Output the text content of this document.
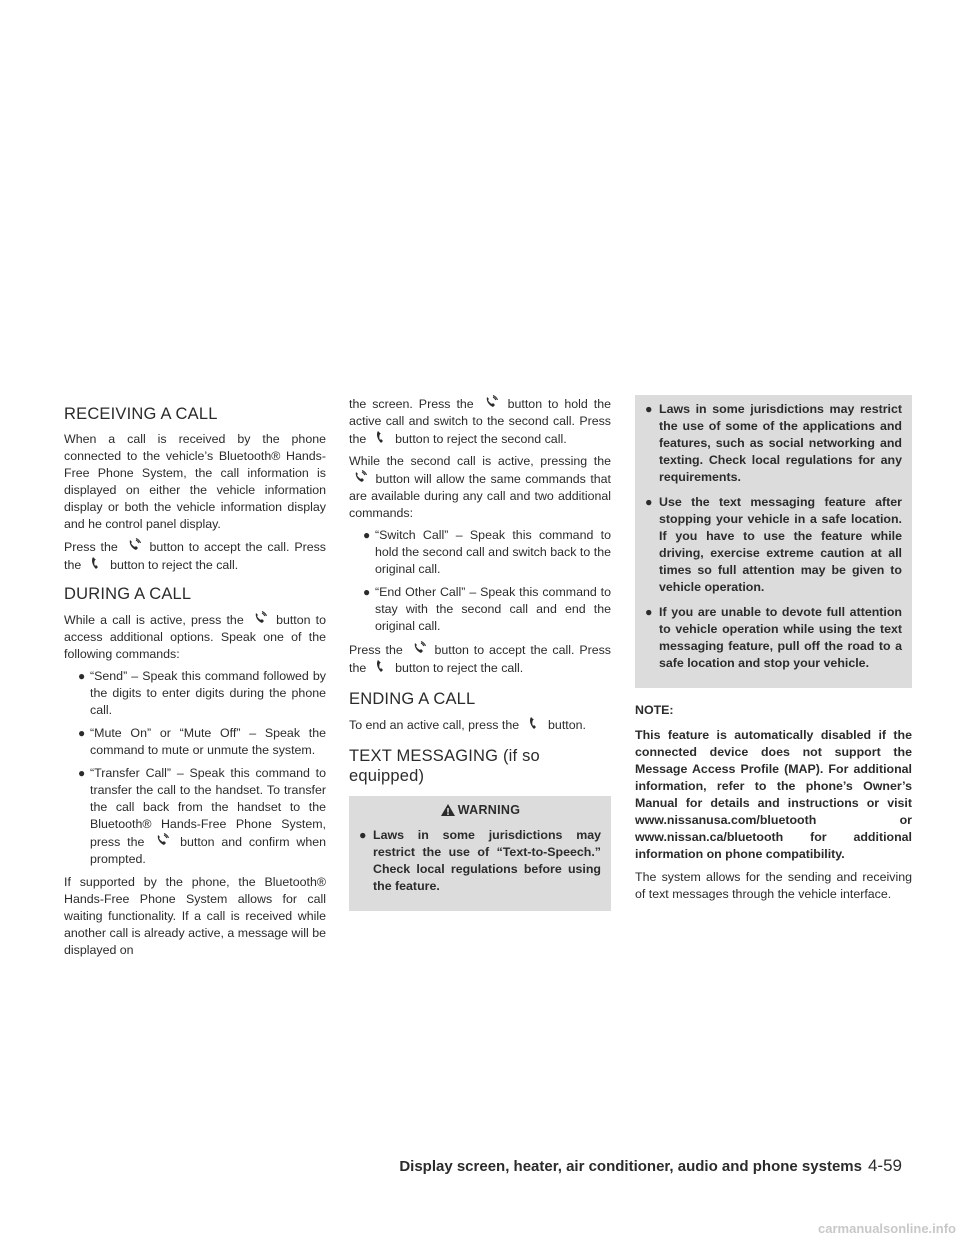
RECEIVING A CALL

When a call is received by the phone connected to the vehicle’s Bluetooth® Hands-Free Phone System, the call information is displayed on either the vehicle information display or both the vehicle information display and he control panel display.

Press the	button to accept the call. Press the button to reject the call.

DURING A CALL

While a call is active, press the	button to access additional options. Speak one of the following commands:

● “Send” – Speak this command followed by the digits to enter digits during the phone call.
● “Mute On” or “Mute Off” – Speak the command to mute or unmute the system.
● “Transfer Call” – Speak this command to transfer the call to the handset. To transfer the call back from the handset to the Bluetooth® Hands-Free Phone System, press the	button and confirm when prompted.

If supported by the phone, the Bluetooth® Hands-Free Phone System allows for call waiting functionality. If a call is received while another call is already active, a message will be displayed on

the screen. Press the	button to hold the active call and switch to the second call. Press the button to reject the second call.

While the second call is active, pressing the  button will allow the same commands that are available during any call and two additional commands:

● “Switch Call” – Speak this command to hold the second call and switch back to the original call.
● “End Other Call” – Speak this command to stay with the second call and end the original call.

Press the	button to accept the call. Press the button to reject the call.

ENDING A CALL

To end an active call, press the button.

TEXT MESSAGING (if so equipped)
WARNING
● Laws in some jurisdictions may restrict the use of “Text-to-Speech.” Check local regulations before using the feature.
● Laws in some jurisdictions may restrict the use of some of the applications and features, such as social networking and texting. Check local regulations for any requirements.
● Use the text messaging feature after stopping your vehicle in a safe location. If you have to use the feature while driving, exercise extreme caution at all times so full attention may be given to vehicle operation.
● If you are unable to devote full attention to vehicle operation while using the text messaging feature, pull off the road to a safe location and stop your vehicle.
NOTE:
This feature is automatically disabled if the connected device does not support the Message Access Profile (MAP). For additional information, refer to the phone’s Owner’s Manual for details and instructions or visit www.nissanusa.com/bluetooth or www.nissan.ca/bluetooth for additional information on phone compatibility.

The system allows for the sending and receiving of text messages through the vehicle interface.

Display screen, heater, air conditioner, audio and phone systems 4-59
carmanualsonline.info
